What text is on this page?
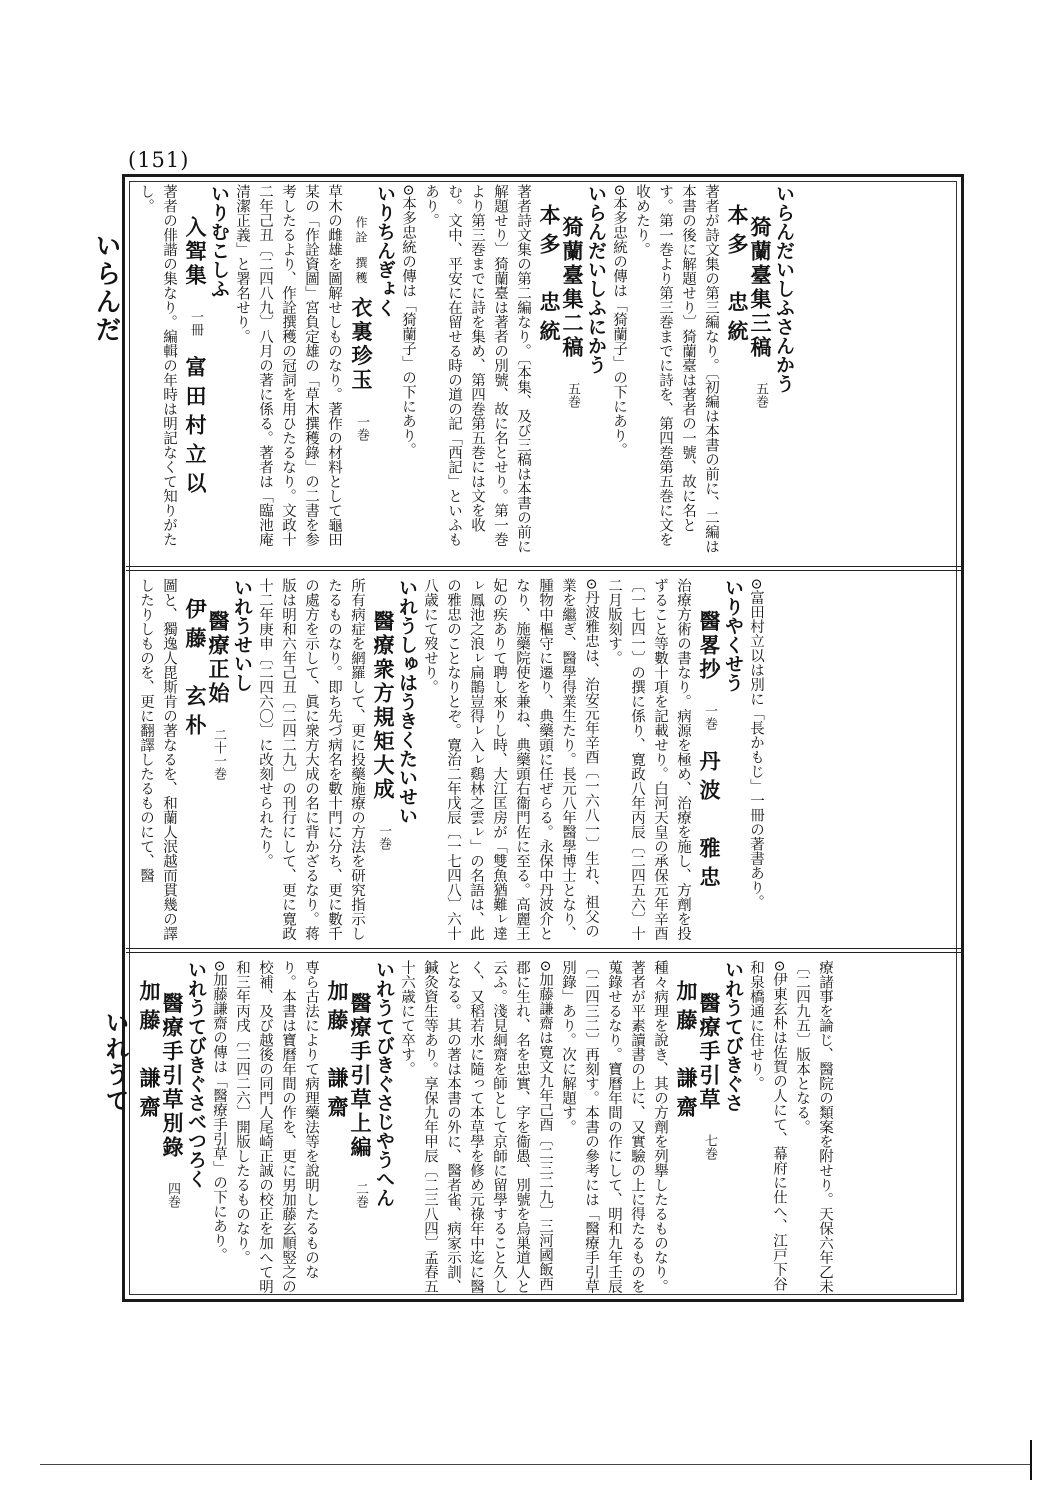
(151)
いらんだ
いれうて
いらんだいしふさんかう
猗蘭臺集三稿五巻本多　忠統
著者が詩文集の第三編なり。〔初編は本書の前に、二編は本書の後に解題せり〕猗蘭臺は著者の一號、故に名とす。第一巻より第三巻までに詩を、第四巻第五巻に文を收めたり。
⊙本多忠統の傳は「猗蘭子」の下にあり。
いらんだいしふにかう
猗蘭臺集二稿五巻本多　忠統
著者詩文集の第二編なり。〔本集、及び三稿は本書の前に解題せり〕猗蘭臺は著者の別號、故に名とせり。第一巻より第三巻までに詩を集め、第四巻第五巻には文を收む。文中、平安に在留せる時の道の記「西記」といふもあり。
⊙本多忠統の傳は「猗蘭子」の下にあり。
いりちんぎょく
作詮 撰穫 衣裏珍玉一巻
草木の雌雄を圖解せしものなり。著作の材料として龜田某の「作詮資圖」宮負定雄の「草木撰穫錄」の二書を参考したるより、作詮撰穫の冠詞を用ひたるなり。文政十二年己丑〔二四八九〕八月の著に係る。著者は「臨池庵清潔正義」と署名せり。
いりむこしふ
入聟集一冊富田村立以
著者の俳諧の集なり。編輯の年時は明記なくて知りがたし。
⊙富田村立以は別に「長かもじ」一冊の著書あり。
いりやくせう
醫畧抄一巻丹波　雅忠
治療方術の書なり。病源を極め、治療を施し、方劑を投ずること等數十項を記載せり。白河天皇の承保元年辛酉〔一七四一〕の撰に係り、寛政八年丙辰〔二四五六〕十二月版刻す。
⊙丹波雅忠は、治安元年辛酉〔一六八一〕生れ、祖父の業を繼ぎ、醫學得業生たり。長元八年醫學博士となり、腫物中樞守に遷り、典藥頭に任ぜらる。永保中丹波介となり、施藥院使を兼ね、典藥頭右衞門佐に至る。高麗王妃の疾ありて聘し來りし時、大江匡房が「雙魚猶難ㇾ達ㇾ鳳池之浪ㇾ扁鵲豈得ㇾ入ㇾ鷄林之雲ㇾ」の名語は、此の雅忠のことなりとぞ。寛治二年戊辰〔一七四八〕六十八歳にて歿せり。
いれうしゅはうきくたいせい
醫療衆方規矩大成一巻
所有病症を網羅して、更に投藥施療の方法を研究指示したるものなり。即ち先づ病名を數十門に分ち、更に數千の處方を示して、眞に衆方大成の名に背かざるなり。蒋版は明和六年己丑〔二四二九〕の刊行にして、更に寛政十二年庚申〔二四六〇〕に改刻せられたり。
いれうせいし
醫療正始二十一巻伊藤　玄朴
圖と、獨逸人毘斯肯の著なるを、和蘭人泯越而貫幾の譯したりしものを、更に翻譯したるものにて、醫
療諸事を論じ、醫院の類案を附せり。天保六年乙未〔二四九五〕版本となる。
⊙伊東玄朴は佐賀の人にて、幕府に仕へ、江戸下谷和泉橋通に住せり。
いれうてびきぐさ
醫療手引草七巻加藤　謙齋
種々病理を說き、其の方劑を列擧したるものなり。著者が平素讀書の上に、又實驗の上に得たるものを蒐錄せるなり。寶曆年間の作にして、明和九年壬辰〔二四三二〕再刻す。本書の參考には「醫療手引草別錄」あり。次に解題す。
⊙加藤謙齋は寛文九年己酉〔二三二九〕三河國飯西郡に生れ、名を忠實、字を衞愚、別號を烏巣道人と云ふ。淺見絅齋を師として京師に留學すること久しく、又稻若水に隨って本草學を修め元祿年中迄に醫となる。其の著は本書の外に、醫者雀、病家示訓、鍼灸資生等あり。享保九年甲辰〔二三八四〕孟春五十六歳にて卒す。
いれうてびきぐさじやうへん
醫療手引草上編二巻加藤　謙齋
専ら古法によりて病理藥法等を說明したるものなり。本書は寶曆年間の作を、更に男加藤玄順竪之の校補、及び越後の同門人尾崎正誠の校正を加へて明和三年丙戌〔二四二六〕開版したるものなり。
⊙加藤謙齋の傳は「醫療手引草」の下にあり。
いれうてびきぐさべつろく
醫療手引草別錄四巻加藤　謙齋
